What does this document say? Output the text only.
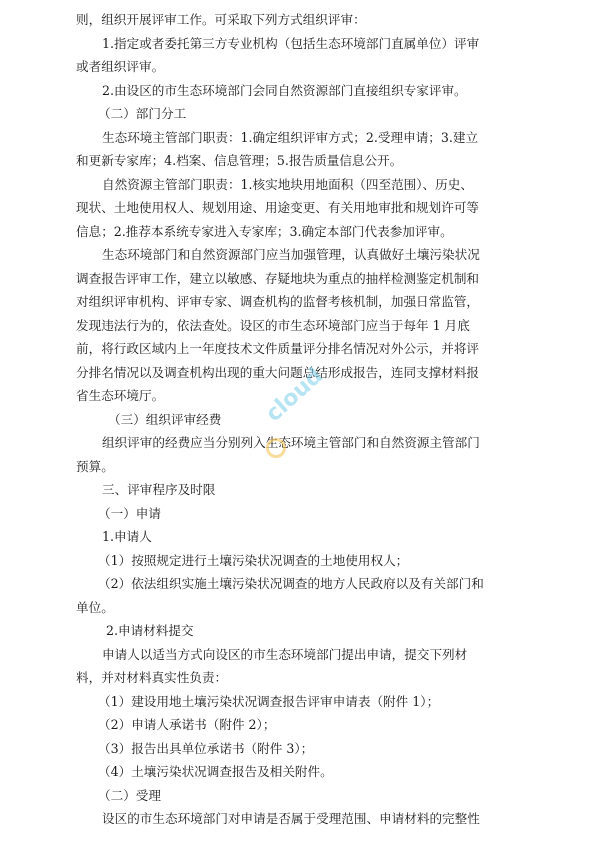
则，组织开展评审工作。可采取下列方式组织评审：
1.指定或者委托第三方专业机构（包括生态环境部门直属单位）评审
或者组织评审。
2.由设区的市生态环境部门会同自然资源部门直接组织专家评审。
（二）部门分工
生态环境主管部门职责：1.确定组织评审方式；2.受理申请；3.建立
和更新专家库；4.档案、信息管理；5.报告质量信息公开。
自然资源主管部门职责：1.核实地块用地面积（四至范围）、历史、
现状、土地使用权人、规划用途、用途变更、有关用地审批和规划许可等
信息；2.推荐本系统专家进入专家库；3.确定本部门代表参加评审。
生态环境部门和自然资源部门应当加强管理，认真做好土壤污染状况
调查报告评审工作，建立以敏感、存疑地块为重点的抽样检测鉴定机制和
对组织评审机构、评审专家、调查机构的监督考核机制，加强日常监管，
发现违法行为的，依法查处。设区的市生态环境部门应当于每年 1 月底
前，将行政区域内上一年度技术文件质量评分排名情况对外公示，并将评
分排名情况以及调查机构出现的重大问题总结形成报告，连同支撑材料报
省生态环境厅。
（三）组织评审经费
组织评审的经费应当分别列入生态环境主管部门和自然资源主管部门
预算。
三、评审程序及时限
（一）申请
1.申请人
（1）按照规定进行土壤污染状况调查的土地使用权人；
（2）依法组织实施土壤污染状况调查的地方人民政府以及有关部门和
单位。
2.申请材料提交
申请人以适当方式向设区的市生态环境部门提出申请，提交下列材
料，并对材料真实性负责：
（1）建设用地土壤污染状况调查报告评审申请表（附件 1）；
（2）申请人承诺书（附件 2）；
（3）报告出具单位承诺书（附件 3）；
（4）土壤污染状况调查报告及相关附件。
（二）受理
设区的市生态环境部门对申请是否属于受理范围、申请材料的完整性
cloud
